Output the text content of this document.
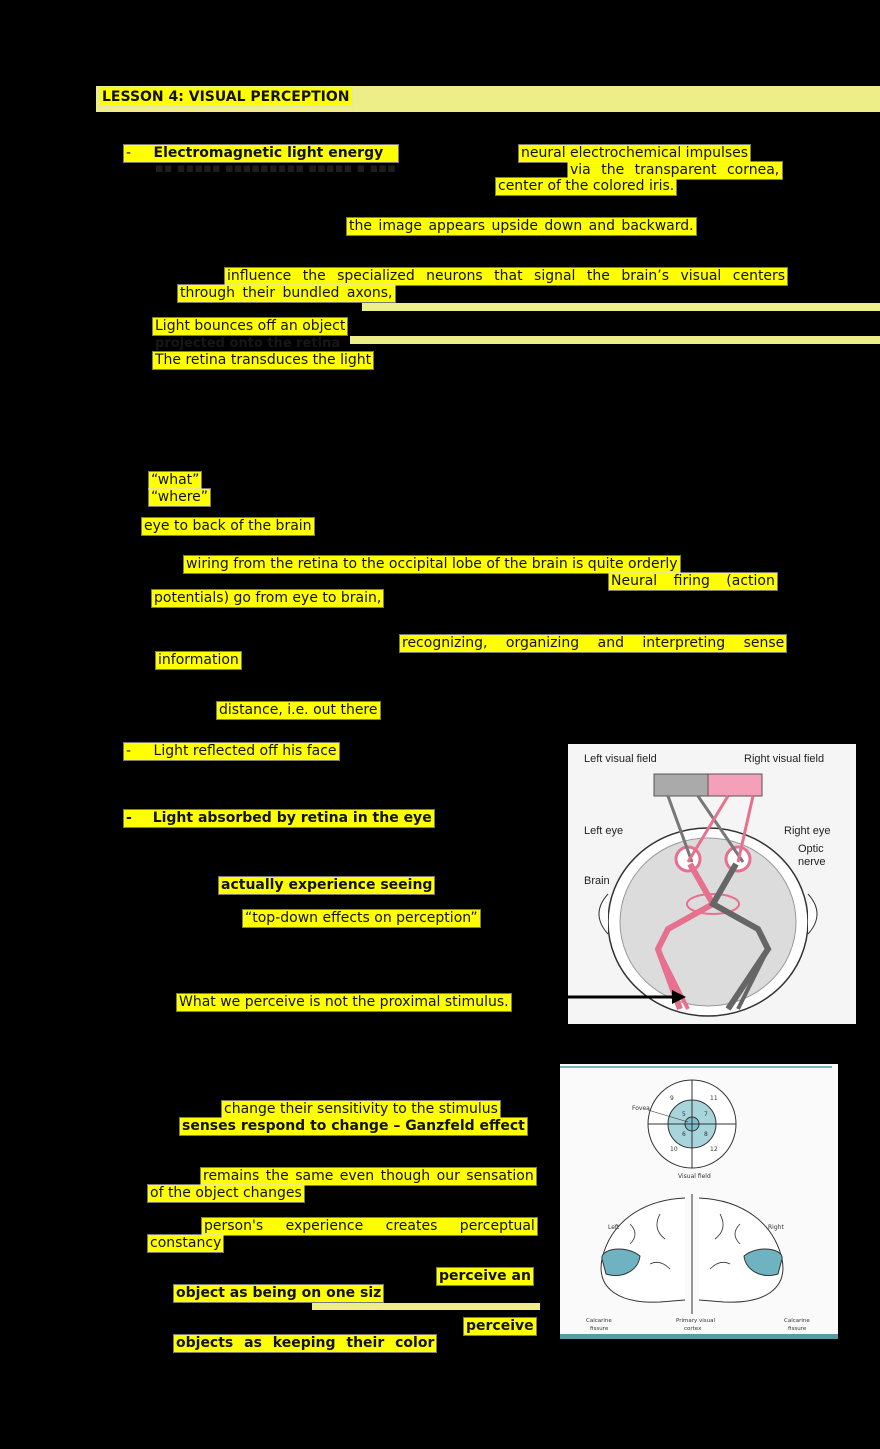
LESSON 4: VISUAL PERCEPTION
- Electromagnetic light energy	neural electrochemical impulses
▪▪ ▪▪▪▪▪ ▪▪▪▪▪▪▪▪▪ ▪▪▪▪▪ ▪ ▪▪▪	via the transparent cornea,
center of the colored iris.
the image appears upside down and backward.
influence the specialized neurons that signal the brain’s visual centers
through their bundled axons,
Light bounces off an object
projected onto the retina
The retina transduces the light
“what”
“where”
eye to back of the brain
wiring from the retina to the occipital lobe of the brain is quite orderly
Neural firing (action
potentials) go from eye to brain,
recognizing, organizing and interpreting sense
information
distance, i.e. out there
- Light reflected off his face
- Light absorbed by retina in the eye
actually experience seeing
“top-down effects on perception”
What we perceive is not the proximal stimulus.
Left visual field	Right visual field
Left eye	Right eye
Optic
nerve
Brain
change their sensitivity to the stimulus
senses respond to change – Ganzfeld effect
remains the same even though our sensation
of the object changes
person's experience creates perceptual
constancy
perceive an
object as being on one siz
perceive
objects as keeping their color
9	11
5	7
6	8
10	12
Fovea
Visual field
Left	Right
Calcarine
fissure
Primary visual
cortex
Calcarine
fissure
